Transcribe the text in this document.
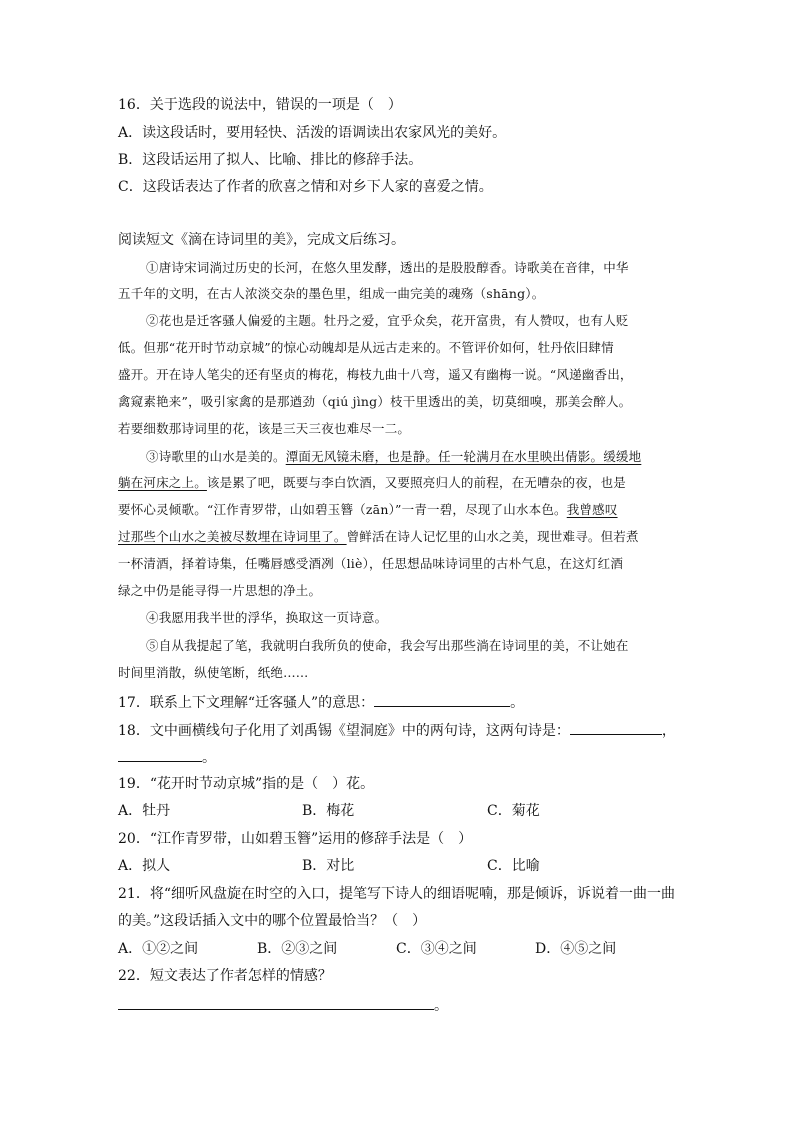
16．关于选段的说法中，错误的一项是（　）
A．读这段话时，要用轻快、活泼的语调读出农家风光的美好。
B．这段话运用了拟人、比喻、排比的修辞手法。
C．这段话表达了作者的欣喜之情和对乡下人家的喜爱之情。
阅读短文《滴在诗词里的美》，完成文后练习。
①唐诗宋词淌过历史的长河，在悠久里发酵，透出的是股股醇香。诗歌美在音律，中华
五千年的文明，在古人浓淡交杂的墨色里，组成一曲完美的魂殇（shāng）。
②花也是迁客骚人偏爱的主题。牡丹之爱，宜乎众矣，花开富贵，有人赞叹，也有人贬
低。但那“花开时节动京城”的惊心动魄却是从远古走来的。不管评价如何，牡丹依旧肆情
盛开。开在诗人笔尖的还有坚贞的梅花，梅枝九曲十八弯，遥又有幽梅一说。“风递幽香出，
禽窥素艳来”，吸引家禽的是那遒劲（qiú jìng）枝干里透出的美，切莫细嗅，那美会醉人。
若要细数那诗词里的花，该是三天三夜也难尽一二。
③诗歌里的山水是美的。潭面无风镜未磨，也是静。任一轮满月在水里映出倩影。缓缓地
躺在河床之上。该是累了吧，既要与李白饮酒，又要照亮归人的前程，在无嘈杂的夜，也是
要怀心灵倾歌。“江作青罗带，山如碧玉簪（zān）”一青一碧，尽现了山水本色。我曾感叹
过那些个山水之美被尽数埋在诗词里了。曾鲜活在诗人记忆里的山水之美，现世难寻。但若煮
一杯清酒，择着诗集，任嘴唇感受酒冽（liè），任思想品味诗词里的古朴气息，在这灯红酒
绿之中仍是能寻得一片思想的净土。
④我愿用我半世的浮华，换取这一页诗意。
⑤自从我提起了笔，我就明白我所负的使命，我会写出那些淌在诗词里的美，不让她在
时间里消散，纵使笔断，纸绝……
17．联系上下文理解“迁客骚人”的意思：	。
18．文中画横线句子化用了刘禹锡《望洞庭》中的两句诗，这两句诗是：	，
。
19．“花开时节动京城”指的是（　）花。
A．牡丹	B．梅花	C．菊花
20．“江作青罗带，山如碧玉簪”运用的修辞手法是（　）
A．拟人	B．对比	C．比喻
21．将“细听风盘旋在时空的入口，提笔写下诗人的细语呢喃，那是倾诉，诉说着一曲一曲
的美。”这段话插入文中的哪个位置最恰当？（　）
A．①②之间	B．②③之间	C．③④之间	D．④⑤之间
22．短文表达了作者怎样的情感？
。
